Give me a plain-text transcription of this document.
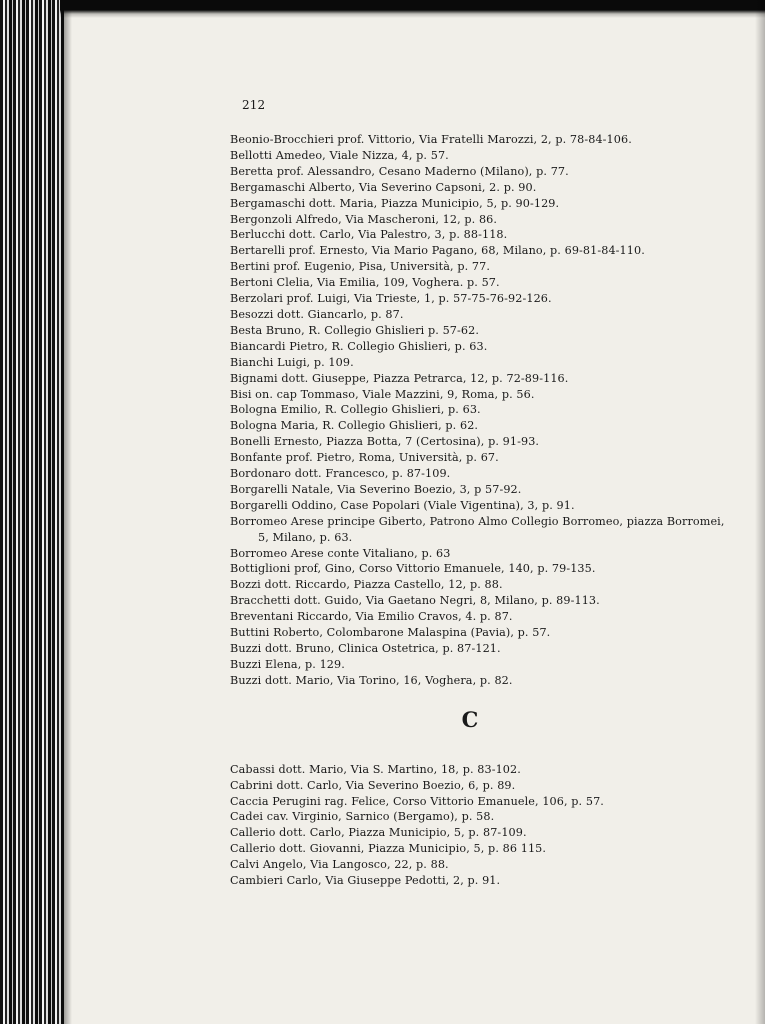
212
Beonio-Brocchieri prof. Vittorio, Via Fratelli Marozzi, 2, p. 78-84-106.
Bellotti Amedeo, Viale Nizza, 4, p. 57.
Beretta prof. Alessandro, Cesano Maderno (Milano), p. 77.
Bergamaschi Alberto, Via Severino Capsoni, 2. p. 90.
Bergamaschi dott. Maria, Piazza Municipio, 5, p. 90-129.
Bergonzoli Alfredo, Via Mascheroni, 12, p. 86.
Berlucchi dott. Carlo, Via Palestro, 3, p. 88-118.
Bertarelli prof. Ernesto, Via Mario Pagano, 68, Milano, p. 69-81-84-110.
Bertini prof. Eugenio, Pisa, Università, p. 77.
Bertoni Clelia, Via Emilia, 109, Voghera. p. 57.
Berzolari prof. Luigi, Via Trieste, 1, p. 57-75-76-92-126.
Besozzi dott. Giancarlo, p. 87.
Besta Bruno, R. Collegio Ghislieri p. 57-62.
Biancardi Pietro, R. Collegio Ghislieri, p. 63.
Bianchi Luigi, p. 109.
Bignami dott. Giuseppe, Piazza Petrarca, 12, p. 72-89-116.
Bisi on. cap Tommaso, Viale Mazzini, 9, Roma, p. 56.
Bologna Emilio, R. Collegio Ghislieri, p. 63.
Bologna Maria, R. Collegio Ghislieri, p. 62.
Bonelli Ernesto, Piazza Botta, 7 (Certosina), p. 91-93.
Bonfante prof. Pietro, Roma, Università, p. 67.
Bordonaro dott. Francesco, p. 87-109.
Borgarelli Natale, Via Severino Boezio, 3, p 57-92.
Borgarelli Oddino, Case Popolari (Viale Vigentina), 3, p. 91.
Borromeo Arese principe Giberto, Patrono Almo Collegio Borromeo, piazza Borromei, 5, Milano, p. 63.
Borromeo Arese conte Vitaliano, p. 63
Bottiglioni prof, Gino, Corso Vittorio Emanuele, 140, p. 79-135.
Bozzi dott. Riccardo, Piazza Castello, 12, p. 88.
Bracchetti dott. Guido, Via Gaetano Negri, 8, Milano, p. 89-113.
Breventani Riccardo, Via Emilio Cravos, 4. p. 87.
Buttini Roberto, Colombarone Malaspina (Pavia), p. 57.
Buzzi dott. Bruno, Clinica Ostetrica, p. 87-121.
Buzzi Elena, p. 129.
Buzzi dott. Mario, Via Torino, 16, Voghera, p. 82.
C
Cabassi dott. Mario, Via S. Martino, 18, p. 83-102.
Cabrini dott. Carlo, Via Severino Boezio, 6, p. 89.
Caccia Perugini rag. Felice, Corso Vittorio Emanuele, 106, p. 57.
Cadei cav. Virginio, Sarnico (Bergamo), p. 58.
Callerio dott. Carlo, Piazza Municipio, 5, p. 87-109.
Callerio dott. Giovanni, Piazza Municipio, 5, p. 86 115.
Calvi Angelo, Via Langosco, 22, p. 88.
Cambieri Carlo, Via Giuseppe Pedotti, 2, p. 91.
